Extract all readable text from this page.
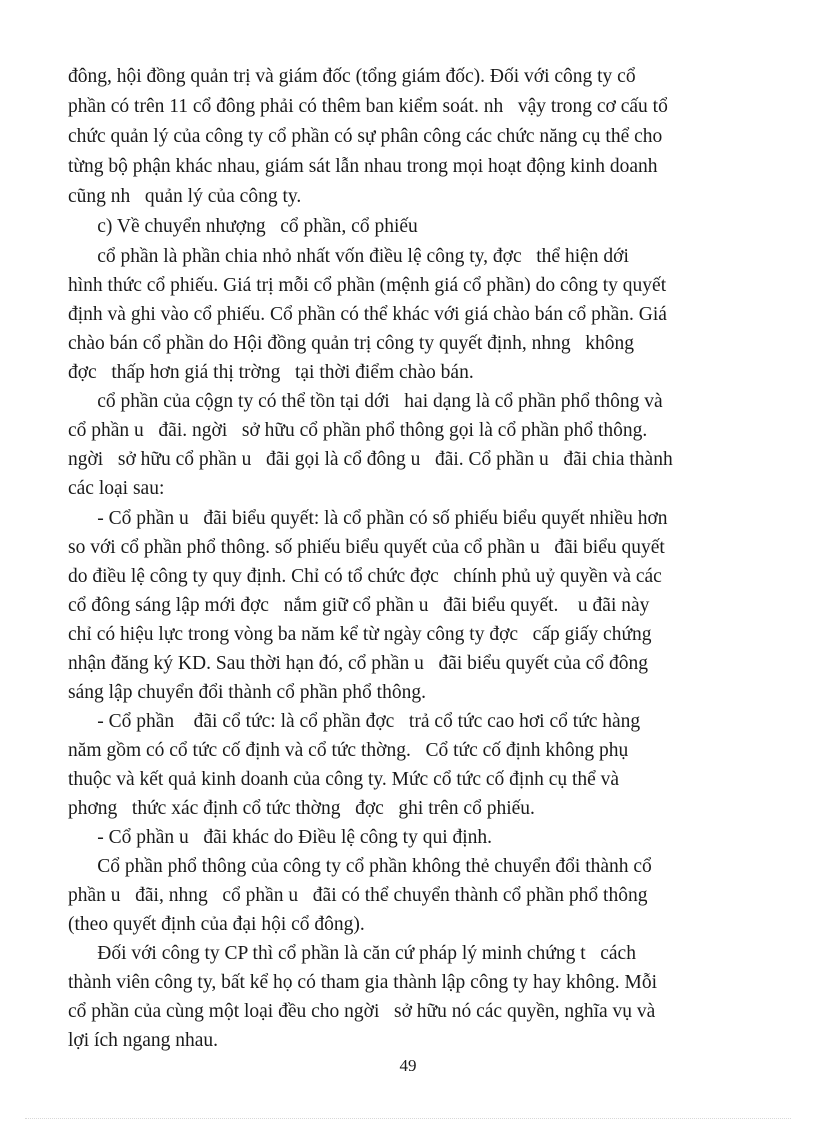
đông, hội đồng quản trị và giám đốc (tổng giám đốc). Đối với công ty cổ

phần có trên 11 cổ đông phải có thêm ban kiểm soát. nh   vậy trong cơ cấu tổ

chức quản lý của công ty cổ phần có sự phân công các chức năng cụ thể cho

từng bộ phận khác nhau, giám sát lẫn nhau trong mọi hoạt động kinh doanh

cũng nh   quản lý của công ty.

c) Về chuyển nhượng   cổ phần, cổ phiếu

cổ phần là phần chia nhỏ nhất vốn điều lệ công ty, đợc   thể hiện dới

hình thức cổ phiếu. Giá trị mỗi cổ phần (mệnh giá cổ phần) do công ty quyết

định và ghi vào cổ phiếu. Cổ phần có thể khác với giá chào bán cổ phần. Giá

chào bán cổ phần do Hội đồng quản trị công ty quyết định, nhng   không

đợc   thấp hơn giá thị trờng   tại thời điểm chào bán.

cổ phần của cộgn ty có thể tồn tại dới   hai dạng là cổ phần phổ thông và

cổ phần u   đãi. ngời   sở hữu cổ phần phổ thông gọi là cổ phần phổ thông.

ngời   sở hữu cổ phần u   đãi gọi là cổ đông u   đãi. Cổ phần u   đãi chia thành

các loại sau:

- Cổ phần u   đãi biểu quyết: là cổ phần có số phiếu biểu quyết nhiều hơn

so với cổ phần phổ thông. số phiếu biểu quyết của cổ phần u   đãi biểu quyết

do điều lệ công ty quy định. Chỉ có tổ chức đợc   chính phủ uỷ quyền và các

cổ đông sáng lập mới đợc   nắm giữ cổ phần u   đãi biểu quyết.    u đãi này

chỉ có hiệu lực trong vòng ba năm kể từ ngày công ty đợc   cấp giấy chứng

nhận đăng ký KD. Sau thời hạn đó, cổ phần u   đãi biểu quyết của cổ đông

sáng lập chuyển đổi thành cổ phần phổ thông.

- Cổ phần    đãi cổ tức: là cổ phần đợc   trả cổ tức cao hơi cổ tức hàng

năm gồm có cổ tức cố định và cổ tức thờng.   Cổ tức cố định không phụ

thuộc và kết quả kinh doanh của công ty. Mức cổ tức cố định cụ thể và

phơng   thức xác định cổ tức thờng   đợc   ghi trên cổ phiếu.

- Cổ phần u   đãi khác do Điều lệ công ty qui định.

Cổ phần phổ thông của công ty cổ phần không thẻ chuyển đổi thành cổ

phần u   đãi, nhng   cổ phần u   đãi có thể chuyển thành cổ phần phổ thông

(theo quyết định của đại hội cổ đông).

Đối với công ty CP thì cổ phần là căn cứ pháp lý minh chứng t   cách

thành viên công ty, bất kể họ có tham gia thành lập công ty hay không. Mỗi

cổ phần của cùng một loại đều cho ngời   sở hữu nó các quyền, nghĩa vụ và

lợi ích ngang nhau.

49
